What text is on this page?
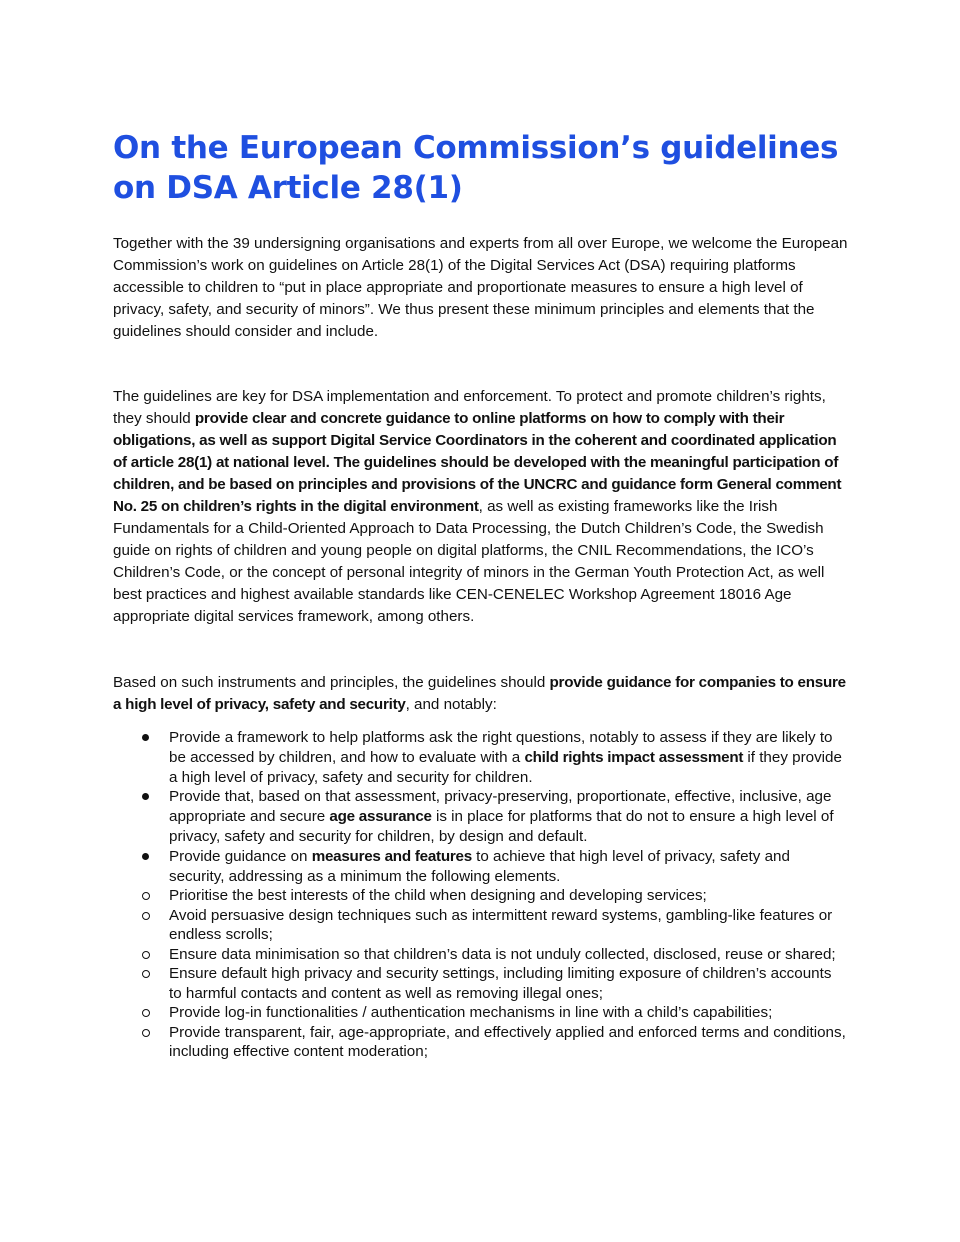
On the European Commission’s guidelines
on DSA Article 28(1)

Together with the 39 undersigning organisations and experts from all over Europe, we welcome the European Commission’s work on guidelines on Article 28(1) of the Digital Services Act (DSA) requiring platforms accessible to children to “put in place appropriate and proportionate measures to ensure a high level of privacy, safety, and security of minors”. We thus present these minimum principles and elements that the guidelines should consider and include.

The guidelines are key for DSA implementation and enforcement. To protect and promote children’s rights, they should provide clear and concrete guidance to online platforms on how to comply with their obligations, as well as support Digital Service Coordinators in the coherent and coordinated application of article 28(1) at national level. The guidelines should be developed with the meaningful participation of children, and be based on principles and provisions of the UNCRC and guidance form General comment No. 25 on children’s rights in the digital environment, as well as existing frameworks like the Irish Fundamentals for a Child-Oriented Approach to Data Processing, the Dutch Children’s Code, the Swedish guide on rights of children and young people on digital platforms, the CNIL Recommendations, the ICO’s Children’s Code, or the concept of personal integrity of minors in the German Youth Protection Act, as well best practices and highest available standards like CEN-CENELEC Workshop Agreement 18016 Age appropriate digital services framework, among others.

Based on such instruments and principles, the guidelines should provide guidance for companies to ensure a high level of privacy, safety and security, and notably:

Provide a framework to help platforms ask the right questions, notably to assess if they are likely to be accessed by children, and how to evaluate with a child rights impact assessment if they provide a high level of privacy, safety and security for children.
Provide that, based on that assessment, privacy-preserving, proportionate, effective, inclusive, age appropriate and secure age assurance is in place for platforms that do not to ensure a high level of privacy, safety and security for children, by design and default.
Provide guidance on measures and features to achieve that high level of privacy, safety and security, addressing as a minimum the following elements.
Prioritise the best interests of the child when designing and developing services;
Avoid persuasive design techniques such as intermittent reward systems, gambling-like features or endless scrolls;
Ensure data minimisation so that children’s data is not unduly collected, disclosed, reuse or shared;
Ensure default high privacy and security settings, including limiting exposure of children’s accounts to harmful contacts and content as well as removing illegal ones;
Provide log-in functionalities / authentication mechanisms in line with a child’s capabilities;
Provide transparent, fair, age-appropriate, and effectively applied and enforced terms and conditions, including effective content moderation;
